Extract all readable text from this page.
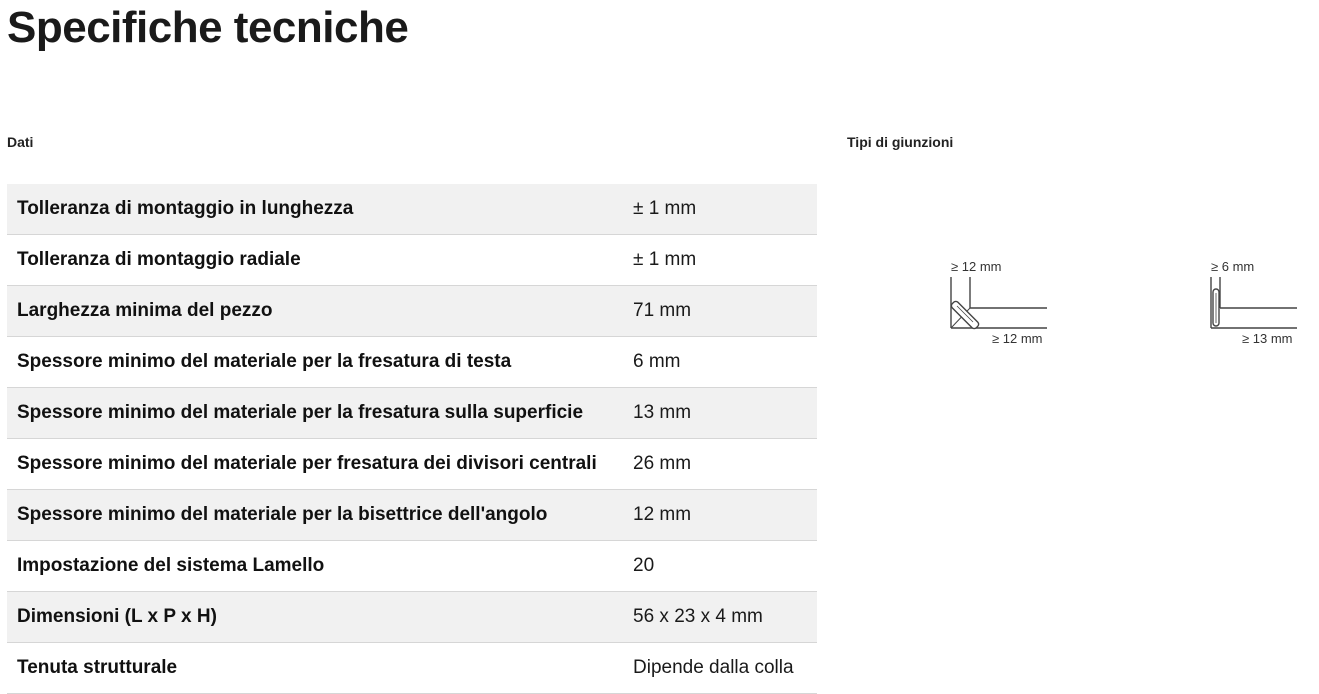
Specifiche tecniche
Dati	Tipi di giunzioni
Tolleranza di montaggio in lunghezza	± 1 mm
Tolleranza di montaggio radiale	± 1 mm
Larghezza minima del pezzo	71 mm
Spessore minimo del materiale per la fresatura di testa	6 mm
Spessore minimo del materiale per la fresatura sulla superficie	13 mm
Spessore minimo del materiale per fresatura dei divisori centrali	26 mm
Spessore minimo del materiale per la bisettrice dell'angolo	12 mm
Impostazione del sistema Lamello	20
Dimensioni (L x P x H)	56 x 23 x 4 mm
Tenuta strutturale	Dipende dalla colla
≥ 12 mm
≥ 12 mm
≥ 6 mm
≥ 13 mm
